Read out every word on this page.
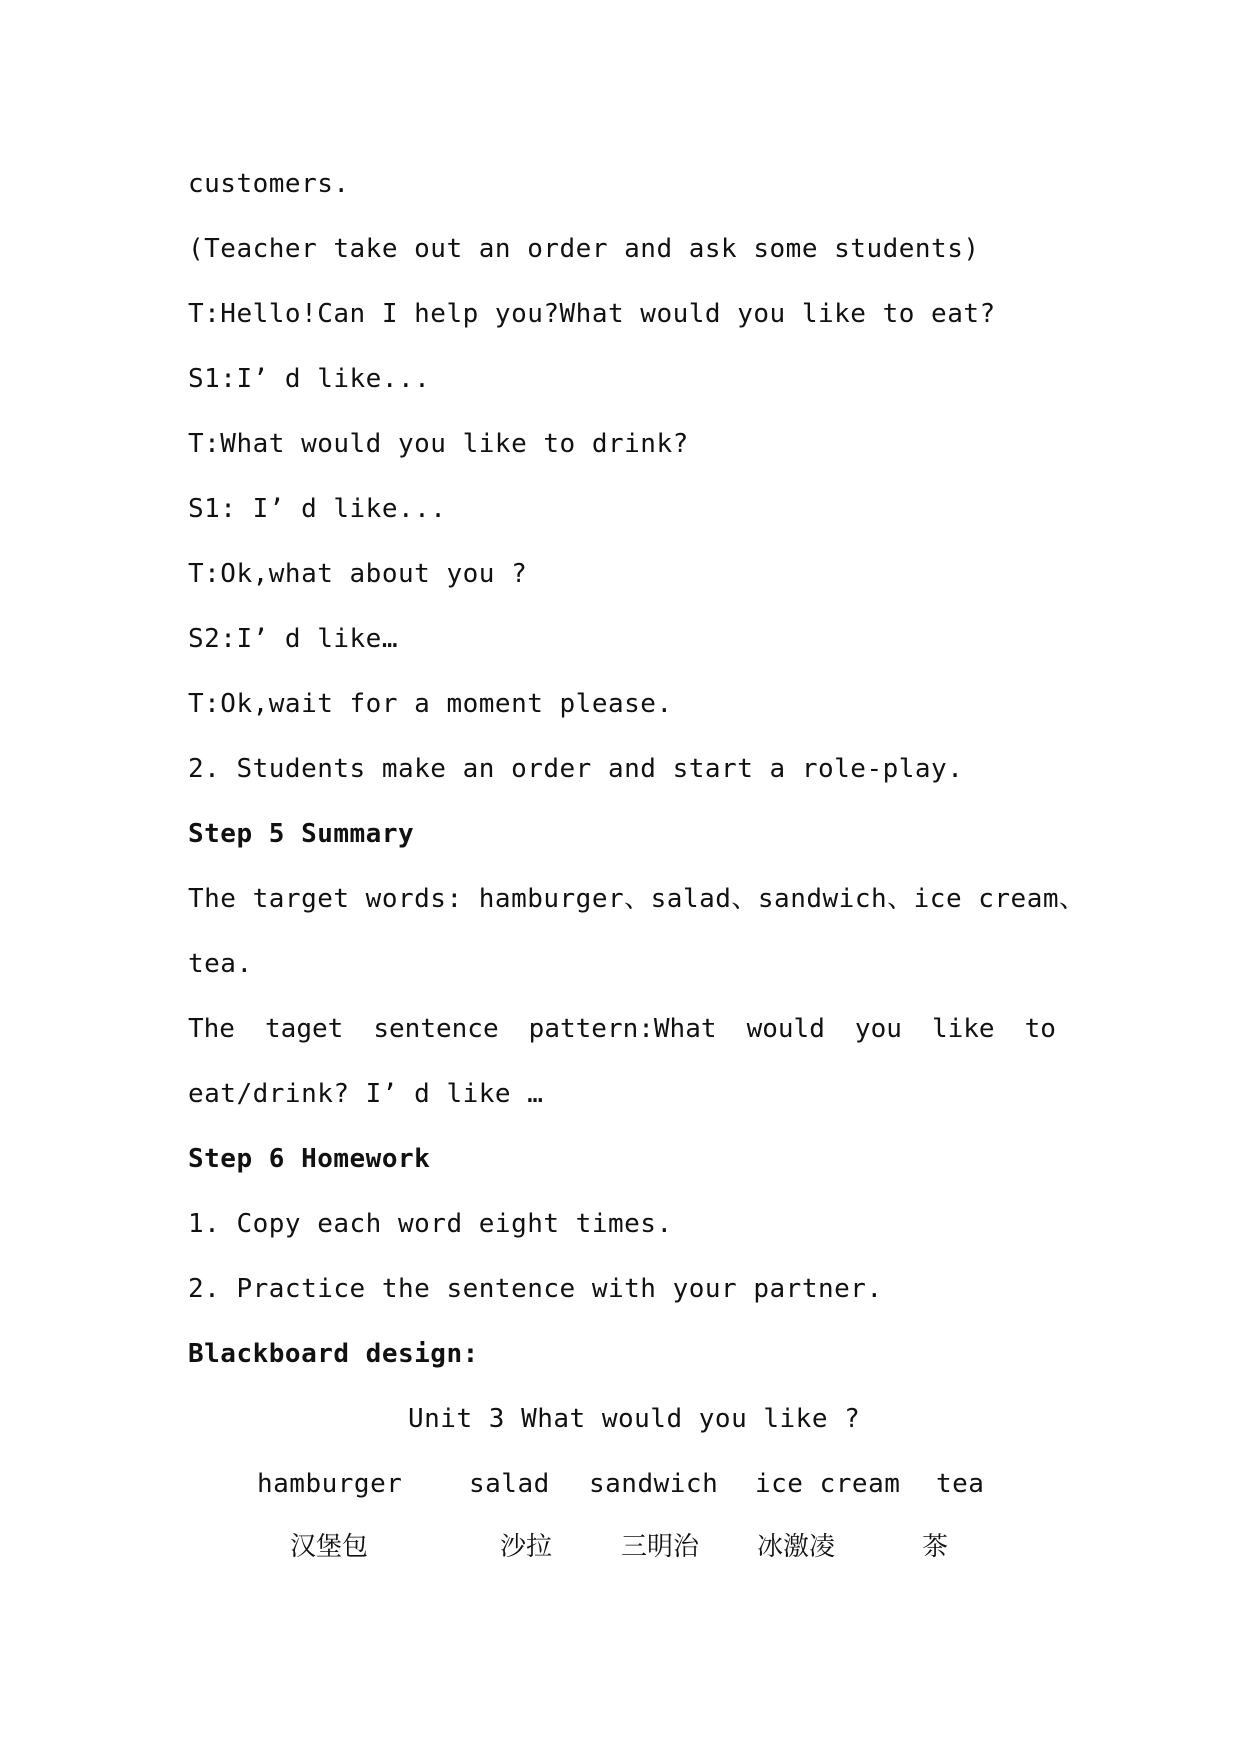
customers.
(Teacher take out an order and ask some students)
T:Hello!Can I help you?What would you like to eat?
S1:I’ d like...
T:What would you like to drink?
S1: I’ d like...
T:Ok,what about you ?
S2:I’ d like…
T:Ok,wait for a moment please.
2. Students make an order and start a role-play.
Step 5 Summary
The target words: hamburger、salad、sandwich、ice cream、
tea.
The taget sentence pattern:What would you like to
eat/drink? I’ d like …
Step 6 Homework
1. Copy each word eight times.
2. Practice the sentence with your partner.
Blackboard design:
Unit 3 What would you like ?
hamburger	salad sandwich ice cream tea
汉堡包	沙拉	三明治 冰激凌	茶
